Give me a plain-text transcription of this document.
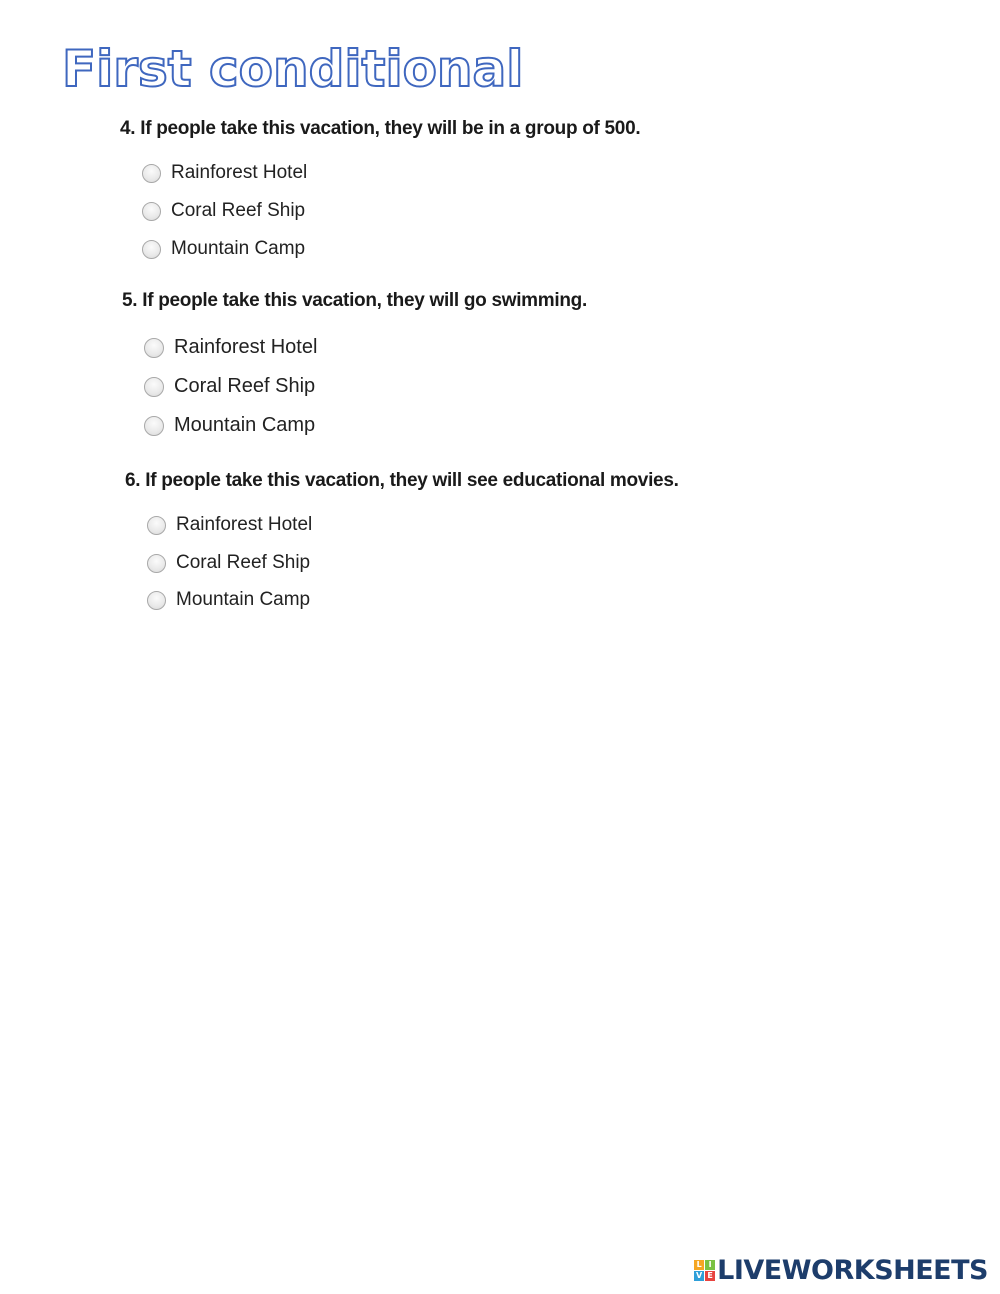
First conditional

4. If people take this vacation, they will be in a group of 500.

Rainforest Hotel
Coral Reef Ship
Mountain Camp

5. If people take this vacation, they will go swimming.

Rainforest Hotel
Coral Reef Ship
Mountain Camp

6. If people take this vacation, they will see educational movies.

Rainforest Hotel
Coral Reef Ship
Mountain Camp
L I
V E LIVEWORKSHEETS
